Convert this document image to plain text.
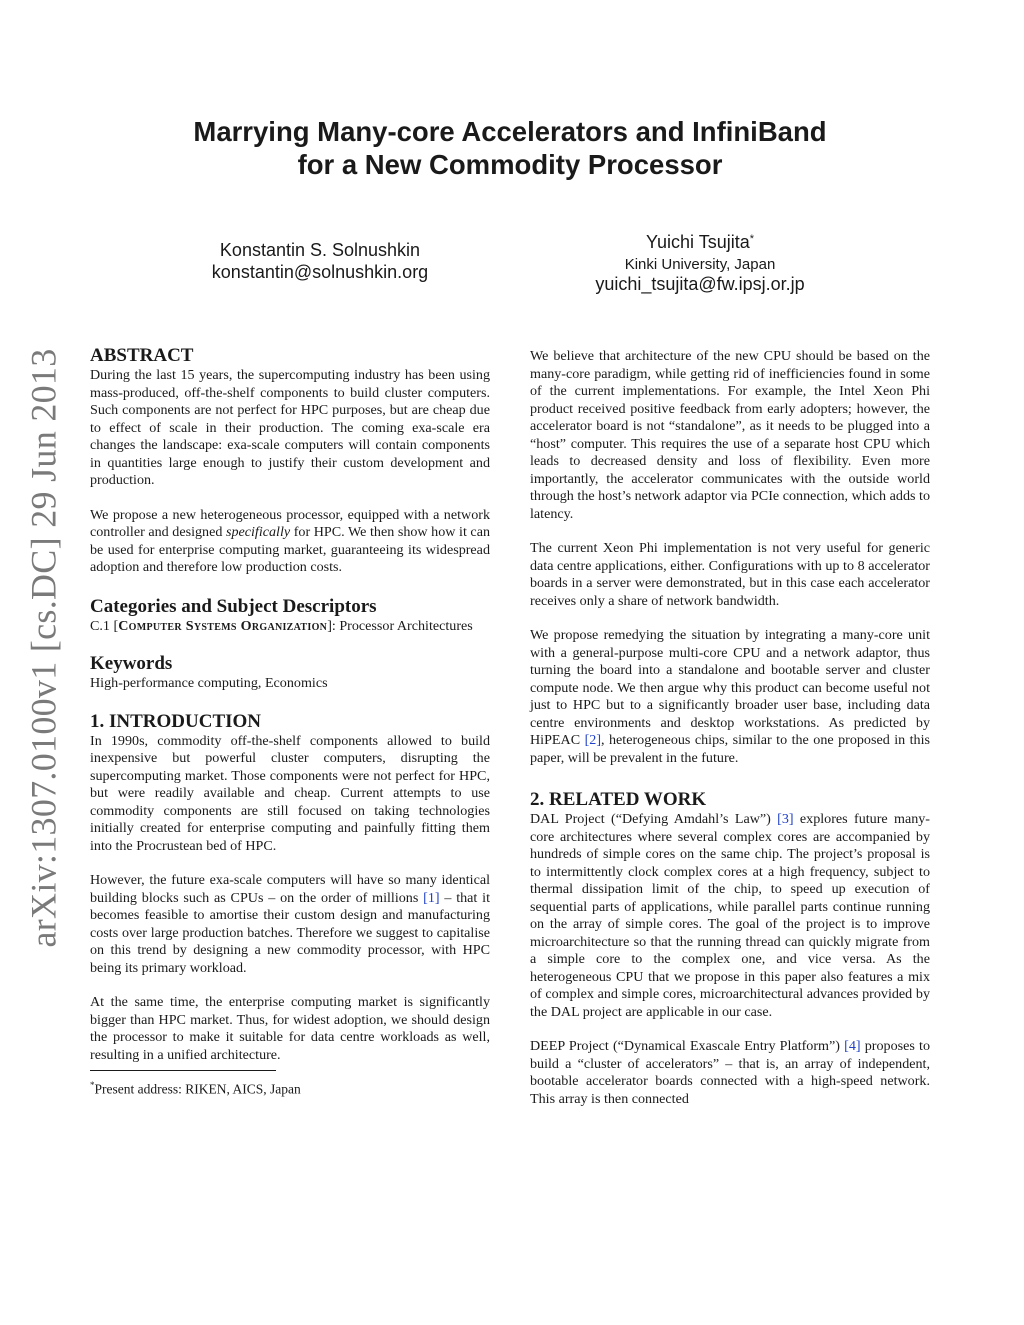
arXiv:1307.0100v1 [cs.DC] 29 Jun 2013
Marrying Many-core Accelerators and InfiniBand
for a New Commodity Processor
Konstantin S. Solnushkin
konstantin@solnushkin.org
Yuichi Tsujita*
Kinki University, Japan
yuichi_tsujita@fw.ipsj.or.jp
ABSTRACT

During the last 15 years, the supercomputing industry has been using mass-produced, off-the-shelf components to build cluster computers. Such components are not perfect for HPC purposes, but are cheap due to effect of scale in their production. The coming exa-scale era changes the landscape: exa-scale computers will contain components in quantities large enough to justify their custom development and production.

We propose a new heterogeneous processor, equipped with a network controller and designed specifically for HPC. We then show how it can be used for enterprise computing market, guaranteeing its widespread adoption and therefore low production costs.

Categories and Subject Descriptors

C.1 [Computer Systems Organization]: Processor Architectures

Keywords

High-performance computing, Economics

1. INTRODUCTION

In 1990s, commodity off-the-shelf components allowed to build inexpensive but powerful cluster computers, disrupting the supercomputing market. Those components were not perfect for HPC, but were readily available and cheap. Current attempts to use commodity components are still focused on taking technologies initially created for enterprise computing and painfully fitting them into the Procrustean bed of HPC.

However, the future exa-scale computers will have so many identical building blocks such as CPUs – on the order of millions [1] – that it becomes feasible to amortise their custom design and manufacturing costs over large production batches. Therefore we suggest to capitalise on this trend by designing a new commodity processor, with HPC being its primary workload.

At the same time, the enterprise computing market is significantly bigger than HPC market. Thus, for widest adoption, we should design the processor to make it suitable for data centre workloads as well, resulting in a unified architecture.

*Present address: RIKEN, AICS, Japan

We believe that architecture of the new CPU should be based on the many-core paradigm, while getting rid of inefficiencies found in some of the current implementations. For example, the Intel Xeon Phi product received positive feedback from early adopters; however, the accelerator board is not “standalone”, as it needs to be plugged into a “host” computer. This requires the use of a separate host CPU which leads to decreased density and loss of flexibility. Even more importantly, the accelerator communicates with the outside world through the host’s network adaptor via PCIe connection, which adds to latency.

The current Xeon Phi implementation is not very useful for generic data centre applications, either. Configurations with up to 8 accelerator boards in a server were demonstrated, but in this case each accelerator receives only a share of network bandwidth.

We propose remedying the situation by integrating a many-core unit with a general-purpose multi-core CPU and a network adaptor, thus turning the board into a standalone and bootable server and cluster compute node. We then argue why this product can become useful not just to HPC but to a significantly broader user base, including data centre environments and desktop workstations. As predicted by HiPEAC [2], heterogeneous chips, similar to the one proposed in this paper, will be prevalent in the future.

2. RELATED WORK

DAL Project (“Defying Amdahl’s Law”) [3] explores future many-core architectures where several complex cores are accompanied by hundreds of simple cores on the same chip. The project’s proposal is to intermittently clock complex cores at a high frequency, subject to thermal dissipation limit of the chip, to speed up execution of sequential parts of applications, while parallel parts continue running on the array of simple cores. The goal of the project is to improve microarchitecture so that the running thread can quickly migrate from a simple core to the complex one, and vice versa. As the heterogeneous CPU that we propose in this paper also features a mix of complex and simple cores, microarchitectural advances provided by the DAL project are applicable in our case.

DEEP Project (“Dynamical Exascale Entry Platform”) [4] proposes to build a “cluster of accelerators” – that is, an array of independent, bootable accelerator boards connected with a high-speed network. This array is then connected
